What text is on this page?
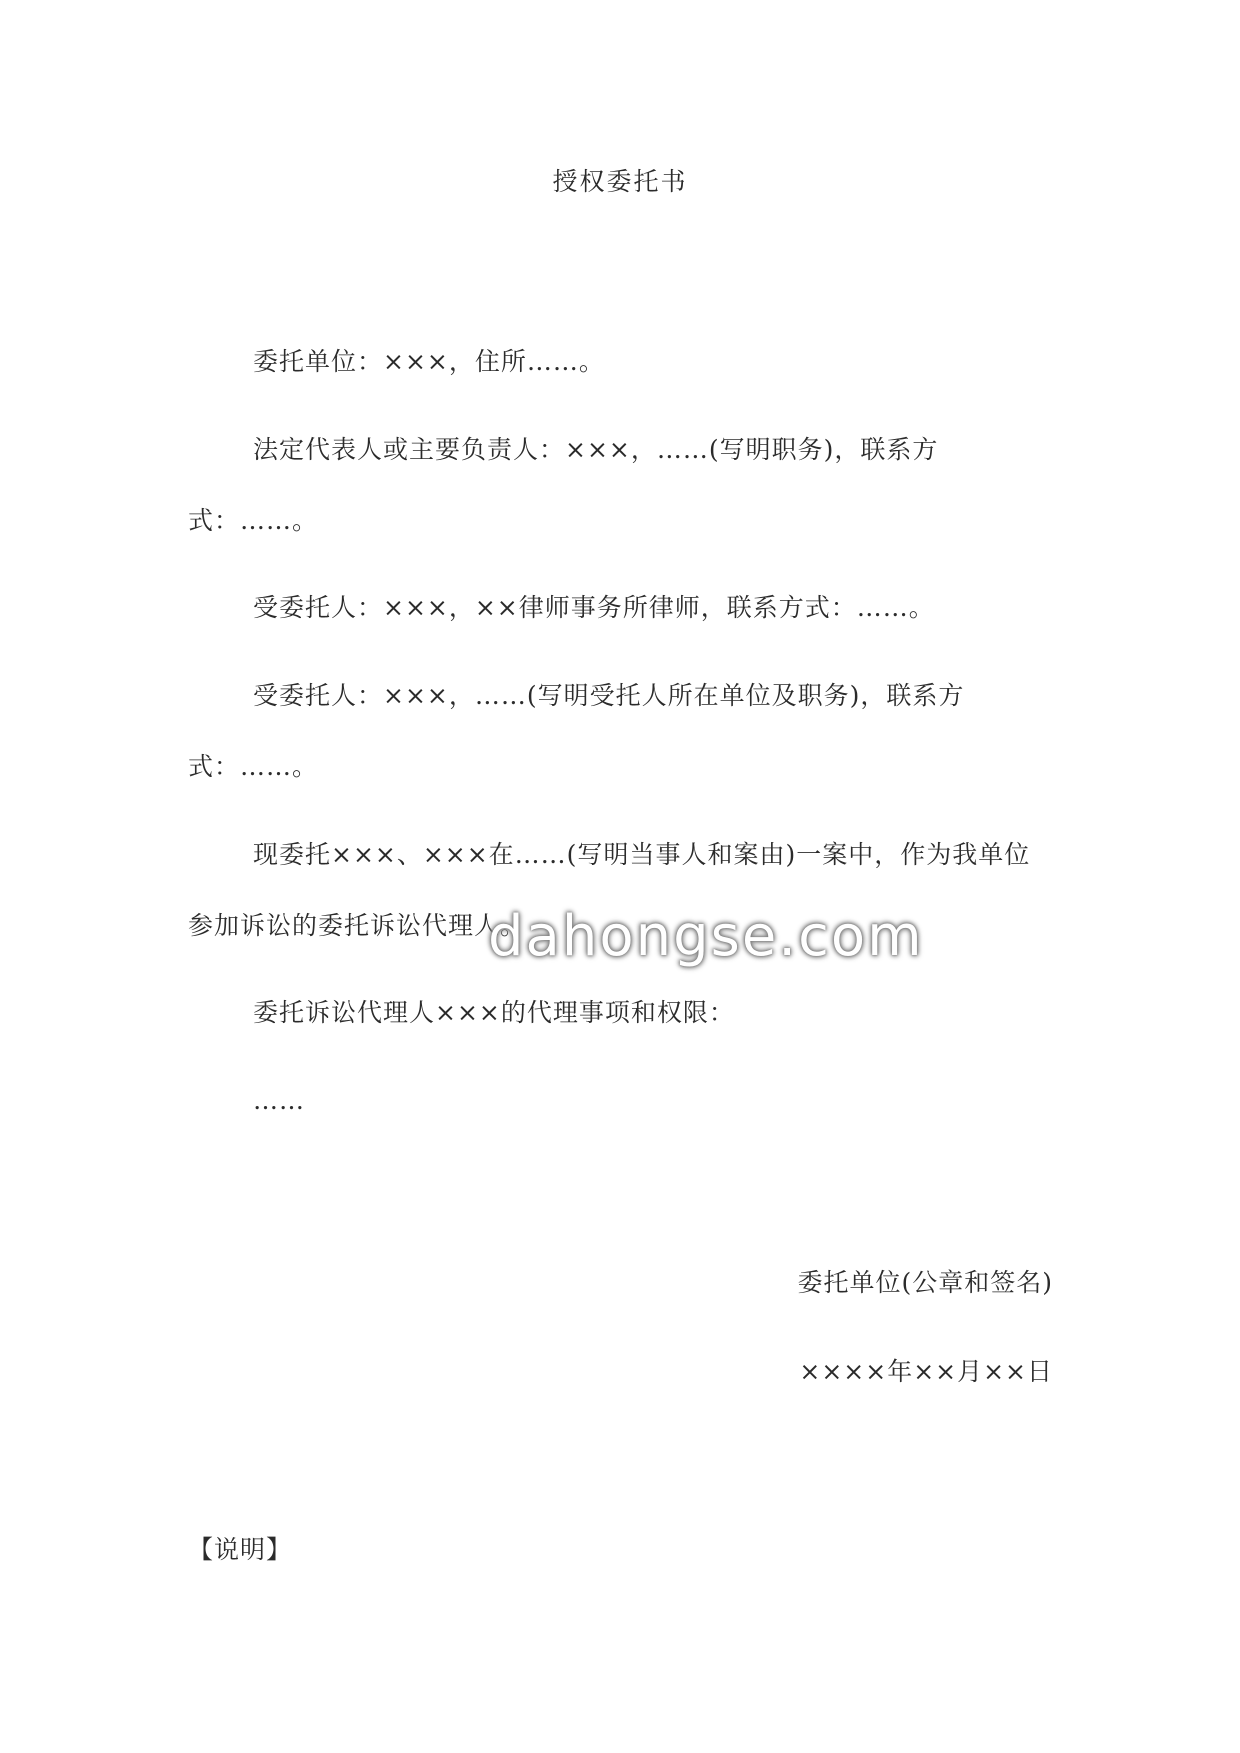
授权委托书
委托单位：×××，住所……。
法定代表人或主要负责人：×××，……(写明职务)，联系方
式：……。
受委托人：×××，××律师事务所律师，联系方式：……。
受委托人：×××，……(写明受托人所在单位及职务)，联系方
式：……。
现委托×××、×××在……(写明当事人和案由)一案中，作为我单位
参加诉讼的委托诉讼代理人。
委托诉讼代理人×××的代理事项和权限：
……
委托单位(公章和签名)
××××年××月××日
【说明】
dahongse.com
